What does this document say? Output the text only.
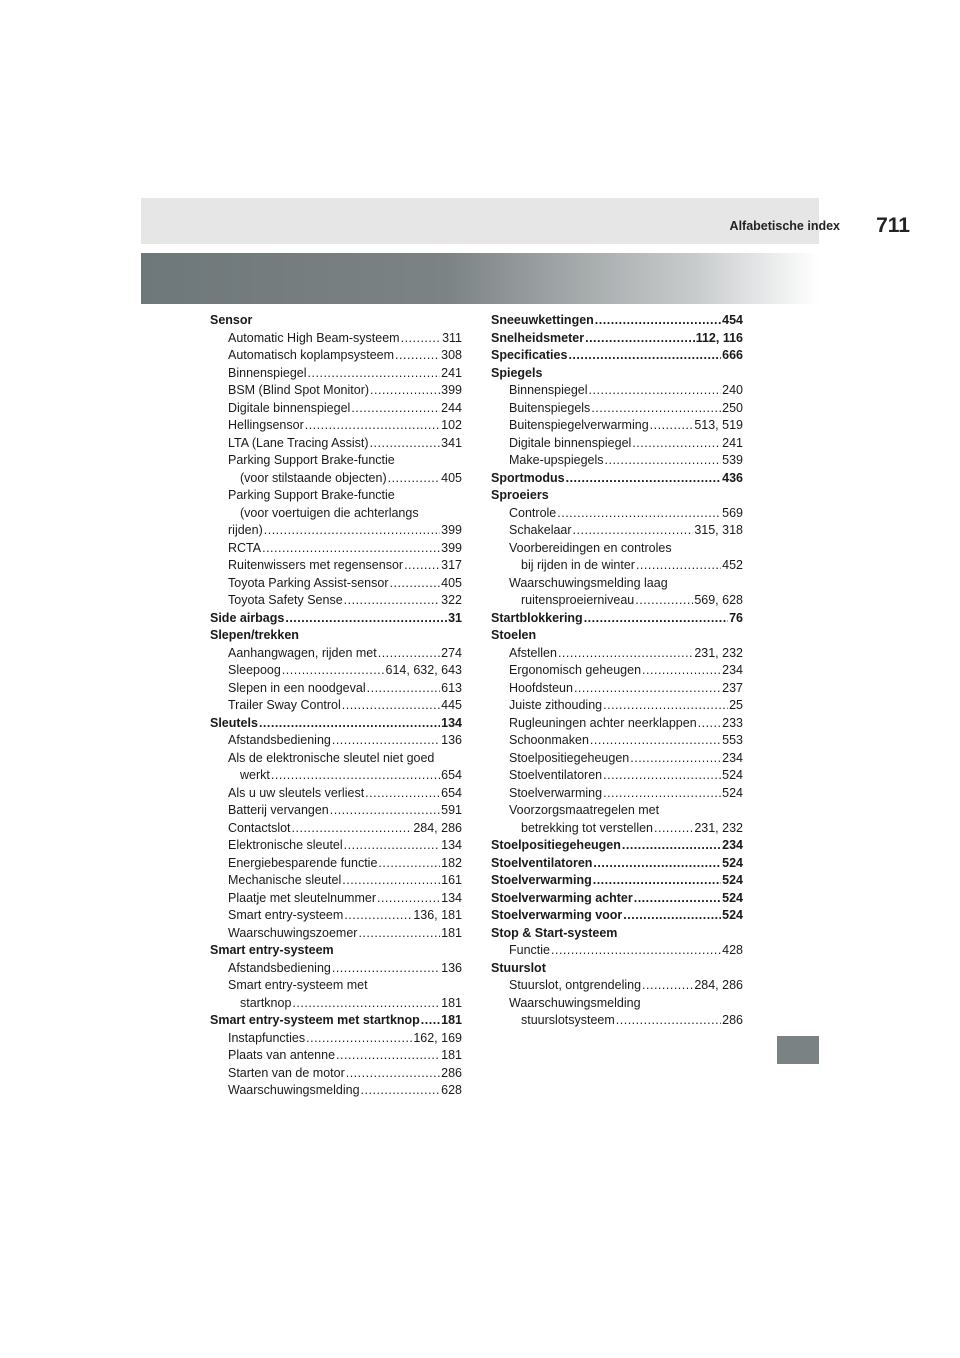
Alfabetische index 711
Sensor
Automatic High Beam-systeem .....	311
Automatisch koplampsysteem .....	308
Binnenspiegel .....	241
BSM (Blind Spot Monitor) .....	399
Digitale binnenspiegel .....	244
Hellingsensor .....	102
LTA (Lane Tracing Assist) .....	341
Parking Support Brake-functie
(voor stilstaande objecten) .....	405
Parking Support Brake-functie
(voor voertuigen die achterlangs
rijden) .....	399
RCTA .....	399
Ruitenwissers met regensensor .....	317
Toyota Parking Assist-sensor .....	405
Toyota Safety Sense .....	322
Side airbags .....	31
Slepen/trekken
Aanhangwagen, rijden met .....	274
Sleepoog .....	614, 632, 643
Slepen in een noodgeval .....	613
Trailer Sway Control .....	445
Sleutels .....	134
Afstandsbediening .....	136
Als de elektronische sleutel niet goed
werkt .....	654
Als u uw sleutels verliest .....	654
Batterij vervangen .....	591
Contactslot .....	284, 286
Elektronische sleutel .....	134
Energiebesparende functie .....	182
Mechanische sleutel .....	161
Plaatje met sleutelnummer .....	134
Smart entry-systeem .....	136, 181
Waarschuwingszoemer .....	181
Smart entry-systeem
Afstandsbediening .....	136
Smart entry-systeem met
startknop .....	181
Smart entry-systeem met startknop ..... 181
Instapfuncties .....	162, 169
Plaats van antenne .....	181
Starten van de motor .....	286
Waarschuwingsmelding .....	628
Sneeuwkettingen .....	454
Snelheidsmeter .....	112, 116
Specificaties .....	666
Spiegels
Binnenspiegel .....	240
Buitenspiegels .....	250
Buitenspiegelverwarming .....	513, 519
Digitale binnenspiegel .....	241
Make-upspiegels .....	539
Sportmodus .....	436
Sproeiers
Controle .....	569
Schakelaar .....	315, 318
Voorbereidingen en controles
bij rijden in de winter .....	452
Waarschuwingsmelding laag
ruitensproeierniveau .....	569, 628
Startblokkering .....	76
Stoelen
Afstellen .....	231, 232
Ergonomisch geheugen .....	234
Hoofdsteun .....	237
Juiste zithouding .....	25
Rugleuningen achter neerklappen ..... 233
Schoonmaken .....	553
Stoelpositiegeheugen .....	234
Stoelventilatoren .....	524
Stoelverwarming .....	524
Voorzorgsmaatregelen met
betrekking tot verstellen .....	231, 232
Stoelpositiegeheugen .....	234
Stoelventilatoren .....	524
Stoelverwarming .....	524
Stoelverwarming achter .....	524
Stoelverwarming voor .....	524
Stop & Start-systeem
Functie .....	428
Stuurslot
Stuurslot, ontgrendeling .....	284, 286
Waarschuwingsmelding
stuurslotsysteem .....	286
